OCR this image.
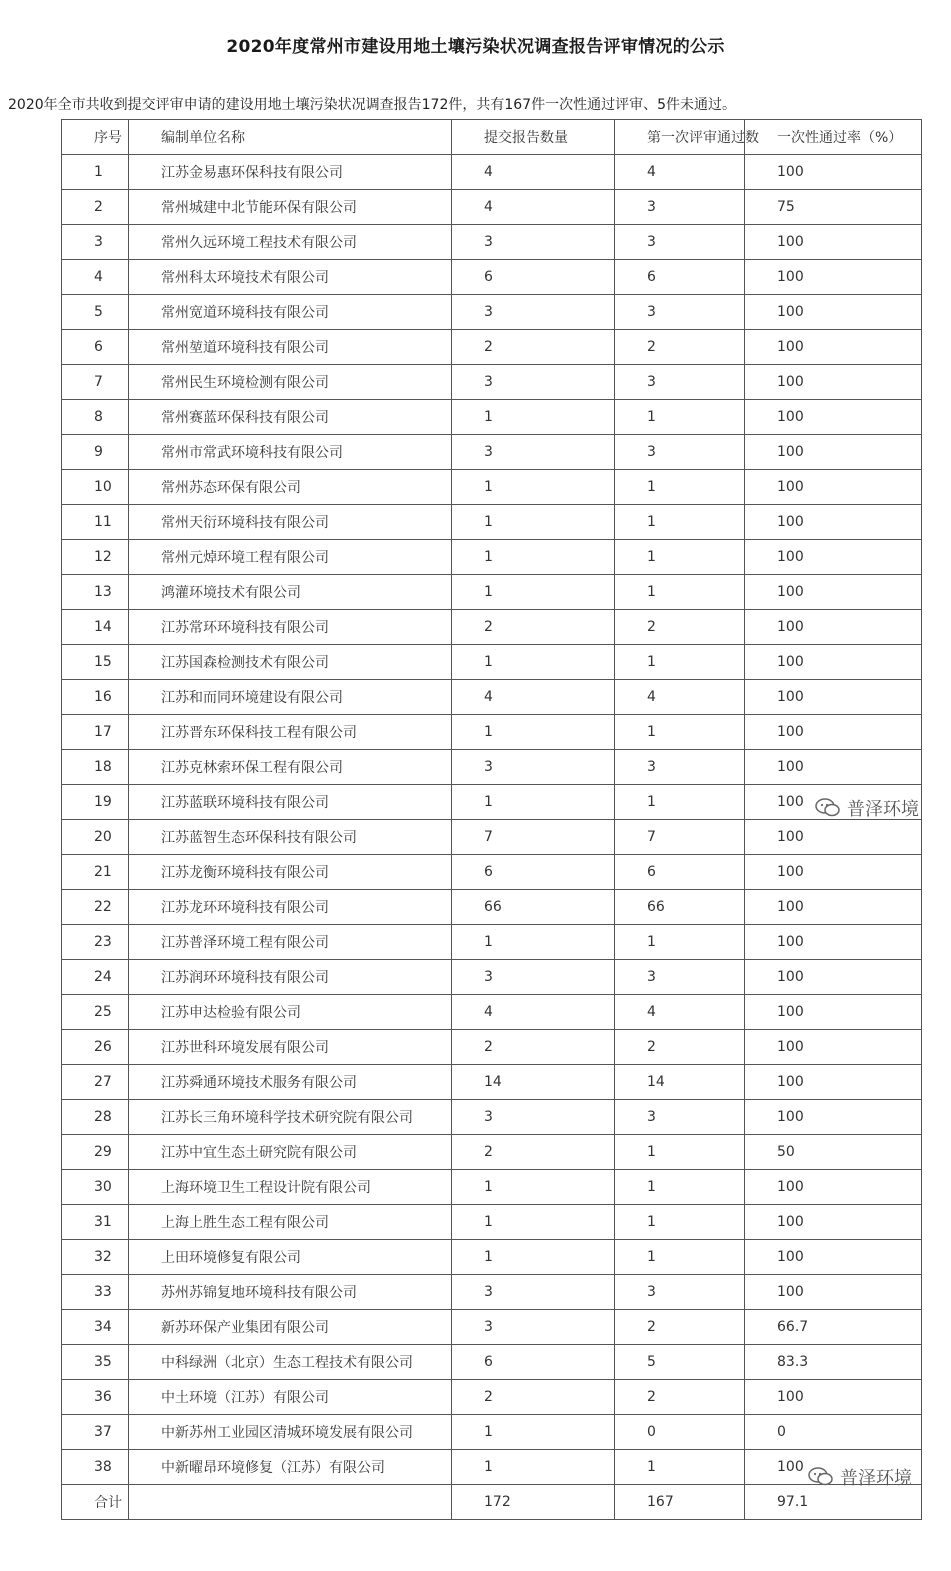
2020年度常州市建设用地土壤污染状况调查报告评审情况的公示
2020年全市共收到提交评审申请的建设用地土壤污染状况调查报告172件，共有167件一次性通过评审、5件未通过。
序号	编制单位名称	提交报告数量	第一次评审通过数	一次性通过率（%）
1	江苏金易惠环保科技有限公司	4	4	100
2	常州城建中北节能环保有限公司	4	3	75
3	常州久远环境工程技术有限公司	3	3	100
4	常州科太环境技术有限公司	6	6	100
5	常州宽道环境科技有限公司	3	3	100
6	常州堃道环境科技有限公司	2	2	100
7	常州民生环境检测有限公司	3	3	100
8	常州赛蓝环保科技有限公司	1	1	100
9	常州市常武环境科技有限公司	3	3	100
10	常州苏态环保有限公司	1	1	100
11	常州天衍环境科技有限公司	1	1	100
12	常州元焯环境工程有限公司	1	1	100
13	鸿灌环境技术有限公司	1	1	100
14	江苏常环环境科技有限公司	2	2	100
15	江苏国森检测技术有限公司	1	1	100
16	江苏和而同环境建设有限公司	4	4	100
17	江苏晋东环保科技工程有限公司	1	1	100
18	江苏克林索环保工程有限公司	3	3	100
19	江苏蓝联环境科技有限公司	1	1	100
20	江苏蓝智生态环保科技有限公司	7	7	100
21	江苏龙衡环境科技有限公司	6	6	100
22	江苏龙环环境科技有限公司	66	66	100
23	江苏普泽环境工程有限公司	1	1	100
24	江苏润环环境科技有限公司	3	3	100
25	江苏申达检验有限公司	4	4	100
26	江苏世科环境发展有限公司	2	2	100
27	江苏舜通环境技术服务有限公司	14	14	100
28	江苏长三角环境科学技术研究院有限公司	3	3	100
29	江苏中宜生态土研究院有限公司	2	1	50
30	上海环境卫生工程设计院有限公司	1	1	100
31	上海上胜生态工程有限公司	1	1	100
32	上田环境修复有限公司	1	1	100
33	苏州苏锦复地环境科技有限公司	3	3	100
34	新苏环保产业集团有限公司	3	2	66.7
35	中科绿洲（北京）生态工程技术有限公司	6	5	83.3
36	中土环境（江苏）有限公司	2	2	100
37	中新苏州工业园区清城环境发展有限公司	1	0	0
38	中新曜昂环境修复（江苏）有限公司	1	1	100
合计		172	167	97.1
普泽环境
普泽环境
